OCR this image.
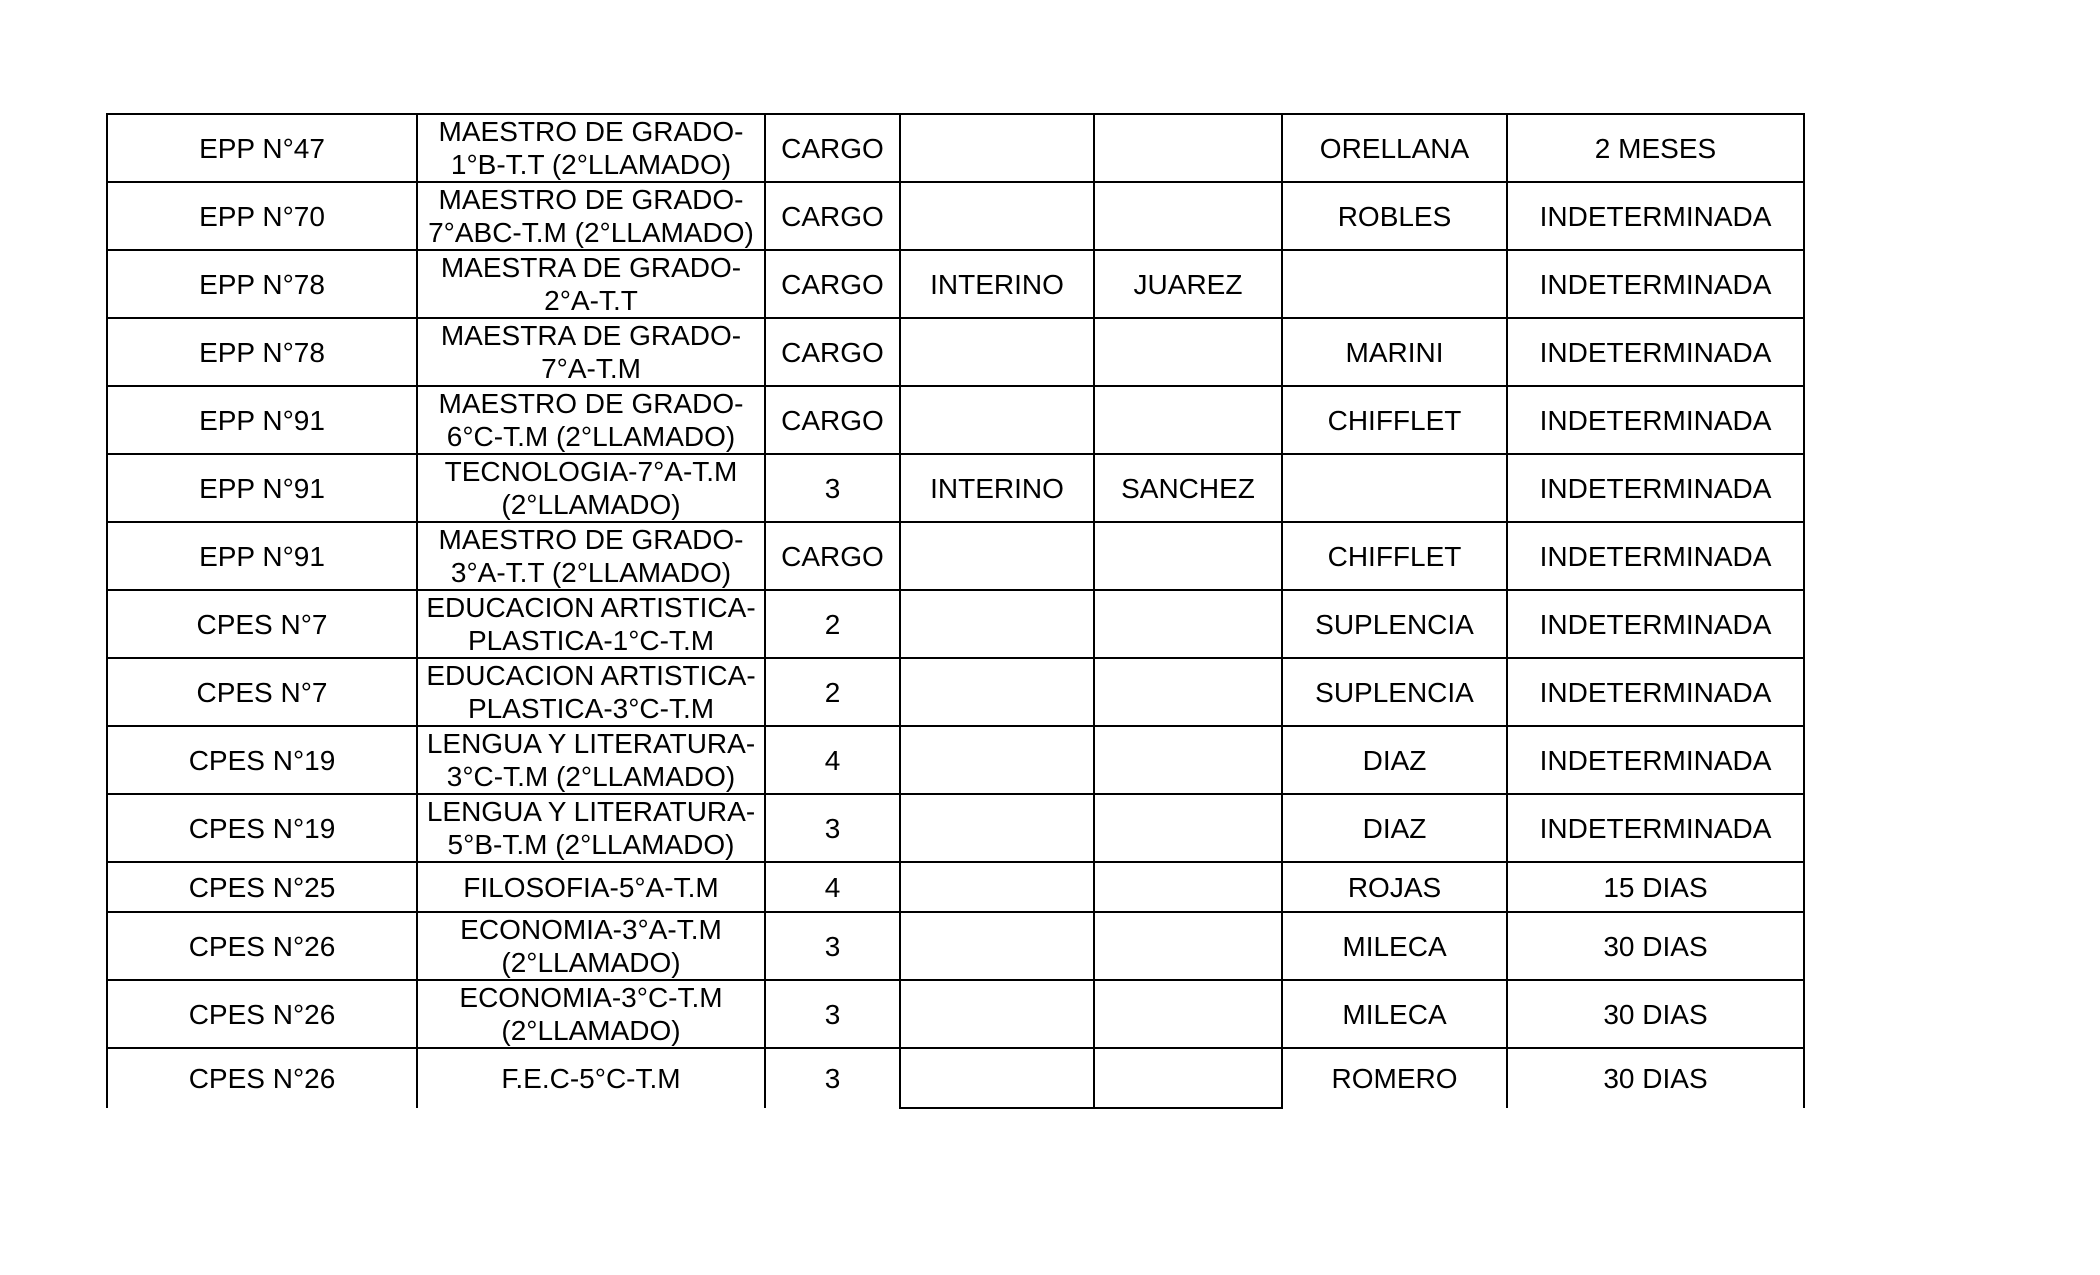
EPP N°47	MAESTRO DE GRADO-1°B-T.T (2°LLAMADO)	CARGO			ORELLANA	2 MESES
EPP N°70	MAESTRO DE GRADO-7°ABC-T.M (2°LLAMADO)	CARGO			ROBLES	INDETERMINADA
EPP N°78	MAESTRA DE GRADO-2°A-T.T	CARGO	INTERINO	JUAREZ		INDETERMINADA
EPP N°78	MAESTRA DE GRADO-7°A-T.M	CARGO			MARINI	INDETERMINADA
EPP N°91	MAESTRO DE GRADO-6°C-T.M (2°LLAMADO)	CARGO			CHIFFLET	INDETERMINADA
EPP N°91	TECNOLOGIA-7°A-T.M (2°LLAMADO)	3	INTERINO	SANCHEZ		INDETERMINADA
EPP N°91	MAESTRO DE GRADO-3°A-T.T (2°LLAMADO)	CARGO			CHIFFLET	INDETERMINADA
CPES N°7	EDUCACION ARTISTICA-PLASTICA-1°C-T.M	2			SUPLENCIA	INDETERMINADA
CPES N°7	EDUCACION ARTISTICA-PLASTICA-3°C-T.M	2			SUPLENCIA	INDETERMINADA
CPES N°19	LENGUA Y LITERATURA-3°C-T.M (2°LLAMADO)	4			DIAZ	INDETERMINADA
CPES N°19	LENGUA Y LITERATURA-5°B-T.M (2°LLAMADO)	3			DIAZ	INDETERMINADA
CPES N°25	FILOSOFIA-5°A-T.M	4			ROJAS	15 DIAS
CPES N°26	ECONOMIA-3°A-T.M (2°LLAMADO)	3			MILECA	30 DIAS
CPES N°26	ECONOMIA-3°C-T.M (2°LLAMADO)	3			MILECA	30 DIAS
CPES N°26	F.E.C-5°C-T.M	3			ROMERO	30 DIAS
